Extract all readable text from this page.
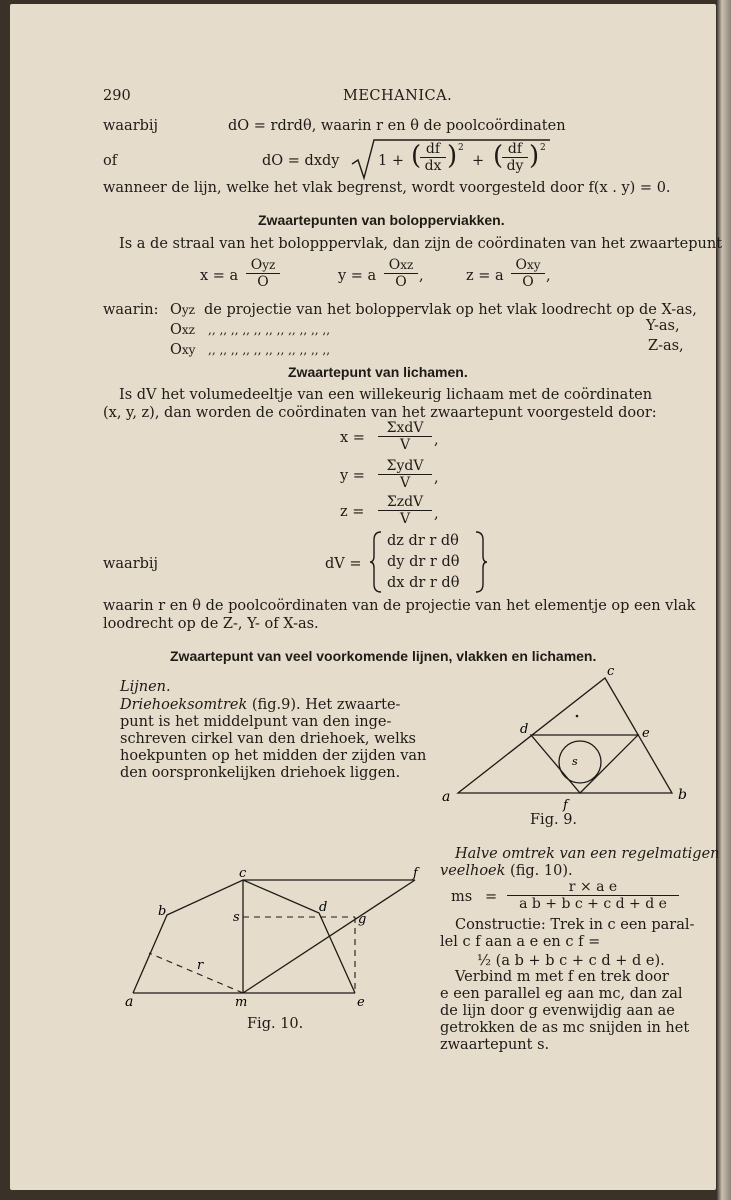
290	MECHANICA.
waarbij	dO = rdrdθ, waarin r en θ de poolcoördinaten
of	dO = dxdy	1 + (
$\frac{df}{dx}$ ) 2
+ (
$\frac{df}{dy}$ ) 2
wanneer de lijn, welke het vlak begrenst, wordt voorgesteld door f(x . y) = 0.
Zwaartepunten van bolopperviakken.
Is a de straal van het bolopppervlak, dan zijn de coördinaten van het zwaartepunt
x = a
Oyz
O	y = a
Oxz
O ,	z = a
Oxy
O ,
waarin: Oyz de projectie van het boloppervlak op het vlak loodrecht op de X-as,
Oxz ,, ,, ,, ,, ,, ,, ,, ,, ,, ,, ,,	Y-as,
Oxy ,, ,, ,, ,, ,, ,, ,, ,, ,, ,, ,,	Z-as,
Zwaartepunt van lichamen.
Is dV het volumedeeltje van een willekeurig lichaam met de coördinaten
(x, y, z), dan worden de coördinaten van het zwaartepunt voorgesteld door:
x =
ΣxdV
V	,
y =
ΣydV
V	,
z =
ΣzdV
V	,
waarbij	dV =
dz dr r dθ
dy dr r dθ
dx dr r dθ
waarin r en θ de poolcoördinaten van de projectie van het elementje op een vlak
loodrecht op de Z-, Y- of X-as.
Zwaartepunt van veel voorkomende lijnen, vlakken en lichamen.
Lijnen.
Driehoeksomtrek (fig.9). Het zwaarte-
punt is het middelpunt van den inge-
schreven cirkel van den driehoek, welks
hoekpunten op het midden der zijden van
den oorspronkelijken driehoek liggen.
c
d	e
a	b
f
s
Fig. 9.
c	f
b	d
s	g
r
a	m	e
Fig. 10.
Halve omtrek van een regelmatigen
veelhoek (fig. 10).
ms = $\frac{\text{r × a e}}{\text{a b + b c + c d + d e}}$
Constructie: Trek in c een paral-
lel c f aan a e en c f =
½ (a b + b c + c d + d e).
Verbind m met f en trek door
e een parallel eg aan mc, dan zal
de lijn door g evenwijdig aan ae
getrokken de as mc snijden in het
zwaartepunt s.
